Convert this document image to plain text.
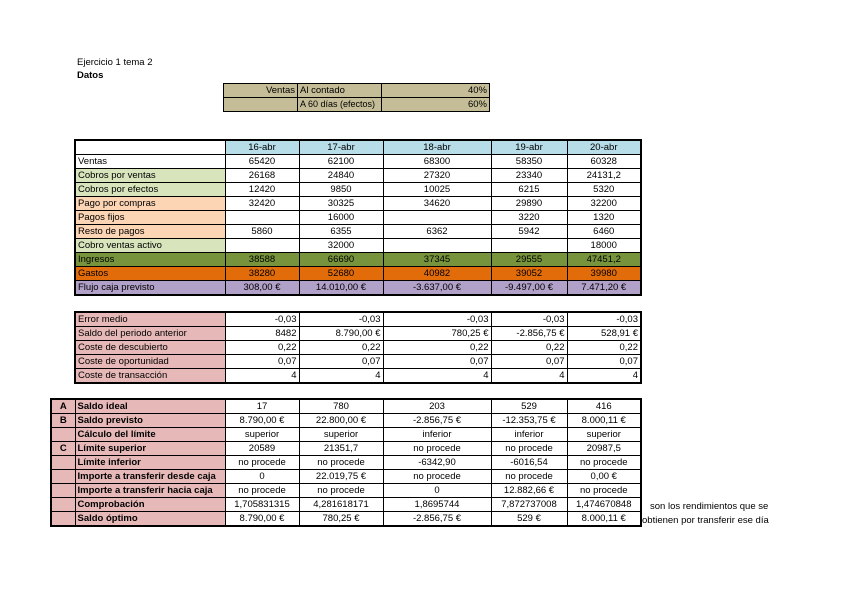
Ejercicio 1 tema 2
Datos
Ventas	Al contado	40%
	A 60 días (efectos)	60%
	16-abr	17-abr	18-abr	19-abr	20-abr
Ventas	65420	62100	68300	58350	60328
Cobros por ventas	26168	24840	27320	23340	24131,2
Cobros por efectos	12420	9850	10025	6215	5320
Pago por compras	32420	30325	34620	29890	32200
Pagos fijos		16000		3220	1320
Resto de pagos	5860	6355	6362	5942	6460
Cobro ventas activo		32000			18000
Ingresos	38588	66690	37345	29555	47451,2
Gastos	38280	52680	40982	39052	39980
Flujo caja previsto	308,00 €	14.010,00 €	-3.637,00 €	-9.497,00 €	7.471,20 €
Error medio	-0,03	-0,03	-0,03	-0,03	-0,03
Saldo del periodo anterior	8482	8.790,00 €	780,25 €	-2.856,75 €	528,91 €
Coste de descubierto	0,22	0,22	0,22	0,22	0,22
Coste de oportunidad	0,07	0,07	0,07	0,07	0,07
Coste de transacción	4	4	4	4	4
A	Saldo ideal	17	780	203	529	416
B	Saldo previsto	8.790,00 €	22.800,00 €	-2.856,75 €	-12.353,75 €	8.000,11 €
	Cálculo del límite	superior	superior	inferior	inferior	superior
C	Límite superior	20589	21351,7	no procede	no procede	20987,5
	Límite inferior	no procede	no procede	-6342,90	-6016,54	no procede
	Importe a transferir desde caja	0	22.019,75 €	no procede	no procede	0,00 €
	Importe a transferir hacia caja	no procede	no procede	0	12.882,66 €	no procede
	Comprobación	1,705831315	4,281618171	1,8695744	7,872737008	1,474670848
	Saldo óptimo	8.790,00 €	780,25 €	-2.856,75 €	529 €	8.000,11 €
son los rendimientos que se
obtienen por transferir ese día
